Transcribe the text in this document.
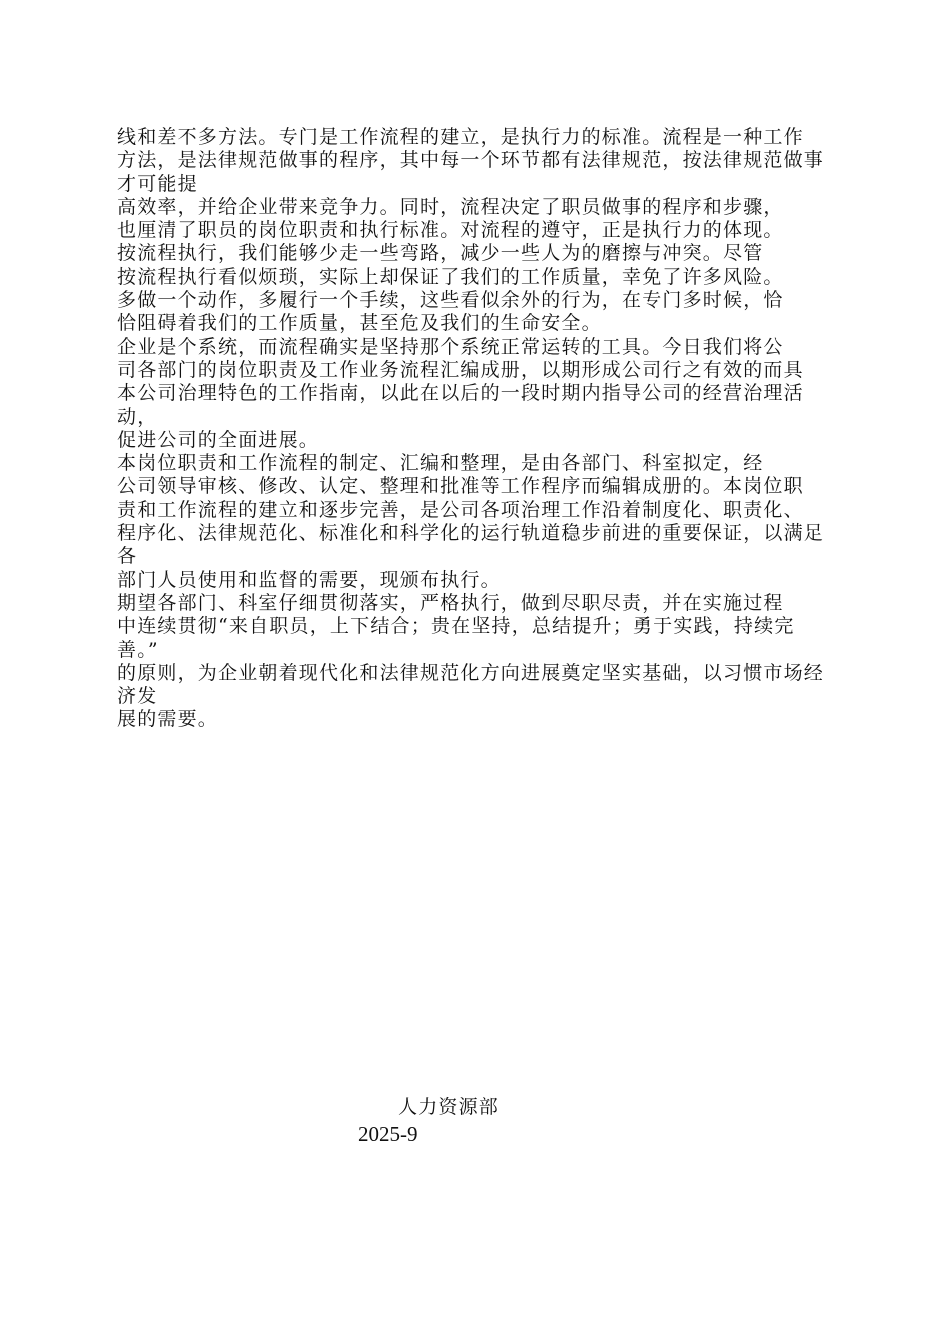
线和差不多方法。专门是工作流程的建立，是执行力的标准。流程是一种工作

方法，是法律规范做事的程序，其中每一个环节都有法律规范，按法律规范做事才可能提

高效率，并给企业带来竞争力。同时，流程决定了职员做事的程序和步骤，

也厘清了职员的岗位职责和执行标准。对流程的遵守，正是执行力的体现。

按流程执行，我们能够少走一些弯路，减少一些人为的磨擦与冲突。尽管

按流程执行看似烦琐，实际上却保证了我们的工作质量，幸免了许多风险。

多做一个动作，多履行一个手续，这些看似余外的行为，在专门多时候，恰

恰阻碍着我们的工作质量，甚至危及我们的生命安全。

企业是个系统，而流程确实是坚持那个系统正常运转的工具。今日我们将公

司各部门的岗位职责及工作业务流程汇编成册，以期形成公司行之有效的而具

本公司治理特色的工作指南，以此在以后的一段时期内指导公司的经营治理活动，

促进公司的全面进展。

本岗位职责和工作流程的制定、汇编和整理，是由各部门、科室拟定，经

公司领导审核、修改、认定、整理和批准等工作程序而编辑成册的。本岗位职

责和工作流程的建立和逐步完善，是公司各项治理工作沿着制度化、职责化、

程序化、法律规范化、标准化和科学化的运行轨道稳步前进的重要保证，以满足各

部门人员使用和监督的需要，现颁布执行。

期望各部门、科室仔细贯彻落实，严格执行，做到尽职尽责，并在实施过程

中连续贯彻“来自职员，上下结合；贵在坚持，总结提升；勇于实践，持续完善。”

的原则，为企业朝着现代化和法律规范化方向进展奠定坚实基础，以习惯市场经济发

展的需要。

人力资源部

2025-9
